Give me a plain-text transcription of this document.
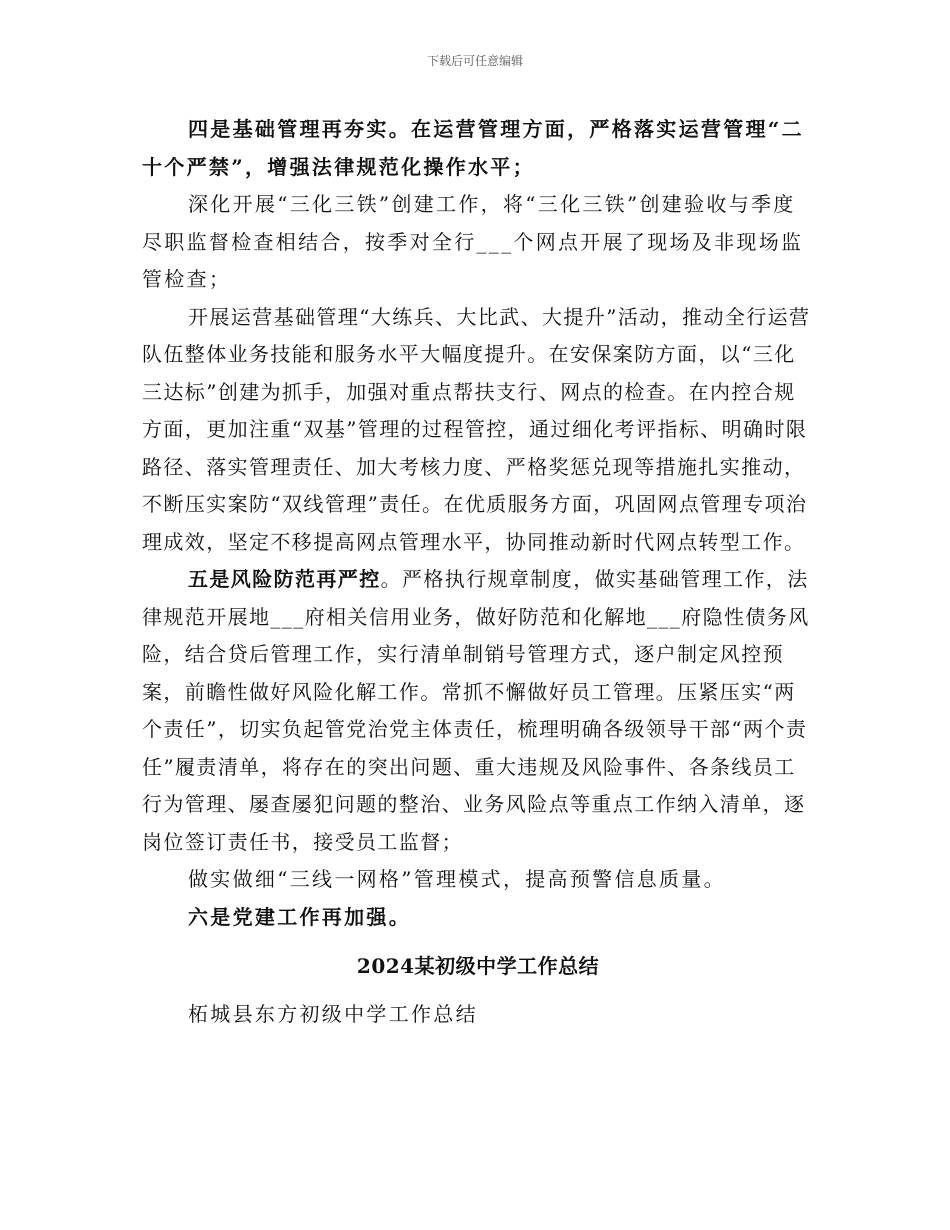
下载后可任意编辑

四是基础管理再夯实。在运营管理方面，严格落实运营管理“二十个严禁”，增强法律规范化操作水平；

深化开展“三化三铁”创建工作，将“三化三铁”创建验收与季度尽职监督检查相结合，按季对全行___个网点开展了现场及非现场监管检查；

开展运营基础管理“大练兵、大比武、大提升”活动，推动全行运营队伍整体业务技能和服务水平大幅度提升。在安保案防方面，以“三化三达标”创建为抓手，加强对重点帮扶支行、网点的检查。在内控合规方面，更加注重“双基”管理的过程管控，通过细化考评指标、明确时限路径、落实管理责任、加大考核力度、严格奖惩兑现等措施扎实推动，不断压实案防“双线管理”责任。在优质服务方面，巩固网点管理专项治理成效，坚定不移提高网点管理水平，协同推动新时代网点转型工作。

五是风险防范再严控。严格执行规章制度，做实基础管理工作，法律规范开展地___府相关信用业务，做好防范和化解地___府隐性债务风险，结合贷后管理工作，实行清单制销号管理方式，逐户制定风控预案，前瞻性做好风险化解工作。常抓不懈做好员工管理。压紧压实“两个责任”，切实负起管党治党主体责任，梳理明确各级领导干部“两个责任”履责清单，将存在的突出问题、重大违规及风险事件、各条线员工行为管理、屡查屡犯问题的整治、业务风险点等重点工作纳入清单，逐岗位签订责任书，接受员工监督；

做实做细“三线一网格”管理模式，提高预警信息质量。

六是党建工作再加强。

2024某初级中学工作总结

柘城县东方初级中学工作总结
